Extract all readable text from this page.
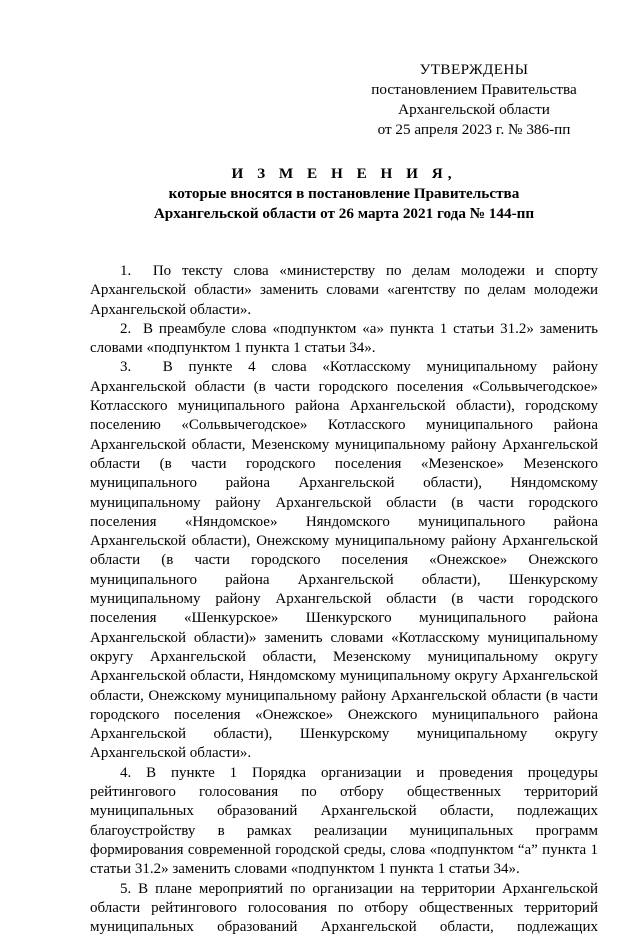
УТВЕРЖДЕНЫ
постановлением Правительства
Архангельской области
от 25 апреля 2023 г. № 386-пп
И З М Е Н Е Н И Я,
которые вносятся в постановление Правительства
Архангельской области от 26 марта 2021 года № 144-пп

1.  По тексту слова «министерству по делам молодежи и спорту Архангельской области» заменить словами «агентству по делам молодежи Архангельской области».

2.  В преамбуле слова «подпунктом «а» пункта 1 статьи 31.2» заменить словами «подпунктом 1 пункта 1 статьи 34».

3.  В пункте 4 слова «Котласскому муниципальному району Архангельской области (в части городского поселения «Сольвычегодское» Котласского муниципального района Архангельской области), городскому поселению «Сольвычегодское» Котласского муниципального района Архангельской области, Мезенскому муниципальному району Архангельской области (в части городского поселения «Мезенское» Мезенского муниципального района Архангельской области), Няндомскому муниципальному району Архангельской области (в части городского поселения «Няндомское» Няндомского муниципального района Архангельской области), Онежскому муниципальному району Архангельской области (в части городского поселения «Онежское» Онежского муниципального района Архангельской области), Шенкурскому муниципальному району Архангельской области (в части городского поселения «Шенкурское» Шенкурского муниципального района Архангельской области)» заменить словами «Котласскому муниципальному округу Архангельской области, Мезенскому муниципальному округу Архангельской области, Няндомскому муниципальному округу Архангельской области, Онежскому муниципальному району Архангельской области (в части городского поселения «Онежское» Онежского муниципального района Архангельской области), Шенкурскому муниципальному округу Архангельской области».

4. В пункте 1 Порядка организации и проведения процедуры рейтингового голосования по отбору общественных территорий муниципальных образований Архангельской области, подлежащих благоустройству в рамках реализации муниципальных программ формирования современной городской среды, слова «подпунктом “а” пункта 1 статьи 31.2» заменить словами «подпунктом 1 пункта 1 статьи 34».

5. В плане мероприятий по организации на территории Архангельской области рейтингового голосования по отбору общественных территорий муниципальных образований Архангельской области, подлежащих
